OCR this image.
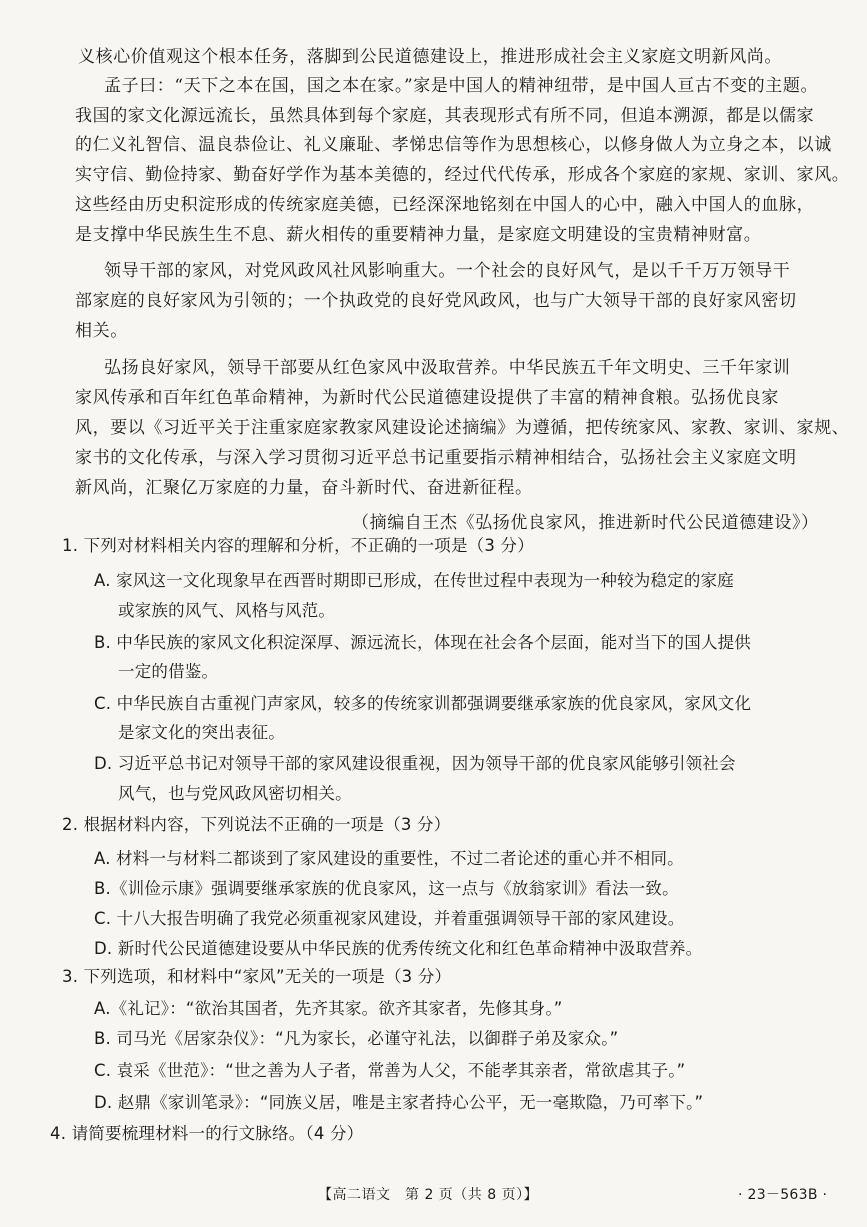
义核心价值观这个根本任务，落脚到公民道德建设上，推进形成社会主义家庭文明新风尚。
孟子曰：“天下之本在国，国之本在家。”家是中国人的精神纽带，是中国人亘古不变的主题。
我国的家文化源远流长，虽然具体到每个家庭，其表现形式有所不同，但追本溯源，都是以儒家
的仁义礼智信、温良恭俭让、礼义廉耻、孝悌忠信等作为思想核心，以修身做人为立身之本，以诚
实守信、勤俭持家、勤奋好学作为基本美德的，经过代代传承，形成各个家庭的家规、家训、家风。
这些经由历史积淀形成的传统家庭美德，已经深深地铭刻在中国人的心中，融入中国人的血脉，
是支撑中华民族生生不息、薪火相传的重要精神力量，是家庭文明建设的宝贵精神财富。
领导干部的家风，对党风政风社风影响重大。一个社会的良好风气，是以千千万万领导干
部家庭的良好家风为引领的；一个执政党的良好党风政风，也与广大领导干部的良好家风密切
相关。
弘扬良好家风，领导干部要从红色家风中汲取营养。中华民族五千年文明史、三千年家训
家风传承和百年红色革命精神，为新时代公民道德建设提供了丰富的精神食粮。弘扬优良家
风，要以《习近平关于注重家庭家教家风建设论述摘编》为遵循，把传统家风、家教、家训、家规、
家书的文化传承，与深入学习贯彻习近平总书记重要指示精神相结合，弘扬社会主义家庭文明
新风尚，汇聚亿万家庭的力量，奋斗新时代、奋进新征程。
（摘编自王杰《弘扬优良家风，推进新时代公民道德建设》）
1. 下列对材料相关内容的理解和分析，不正确的一项是（3 分）
A. 家风这一文化现象早在西晋时期即已形成，在传世过程中表现为一种较为稳定的家庭
或家族的风气、风格与风范。
B. 中华民族的家风文化积淀深厚、源远流长，体现在社会各个层面，能对当下的国人提供
一定的借鉴。
C. 中华民族自古重视门声家风，较多的传统家训都强调要继承家族的优良家风，家风文化
是家文化的突出表征。
D. 习近平总书记对领导干部的家风建设很重视，因为领导干部的优良家风能够引领社会
风气，也与党风政风密切相关。
2. 根据材料内容，下列说法不正确的一项是（3 分）
A. 材料一与材料二都谈到了家风建设的重要性，不过二者论述的重心并不相同。
B.《训俭示康》强调要继承家族的优良家风，这一点与《放翁家训》看法一致。
C. 十八大报告明确了我党必须重视家风建设，并着重强调领导干部的家风建设。
D. 新时代公民道德建设要从中华民族的优秀传统文化和红色革命精神中汲取营养。
3. 下列选项，和材料中“家风”无关的一项是（3 分）
A.《礼记》：“欲治其国者，先齐其家。欲齐其家者，先修其身。”
B. 司马光《居家杂仪》：“凡为家长，必谨守礼法，以御群子弟及家众。”
C. 袁采《世范》：“世之善为人子者，常善为人父，不能孝其亲者，常欲虐其子。”
D. 赵鼎《家训笔录》：“同族义居，唯是主家者持心公平，无一毫欺隐，乃可率下。”
4. 请简要梳理材料一的行文脉络。（4 分）
【高二语文　第 2 页（共 8 页）】	· 23－563B ·
